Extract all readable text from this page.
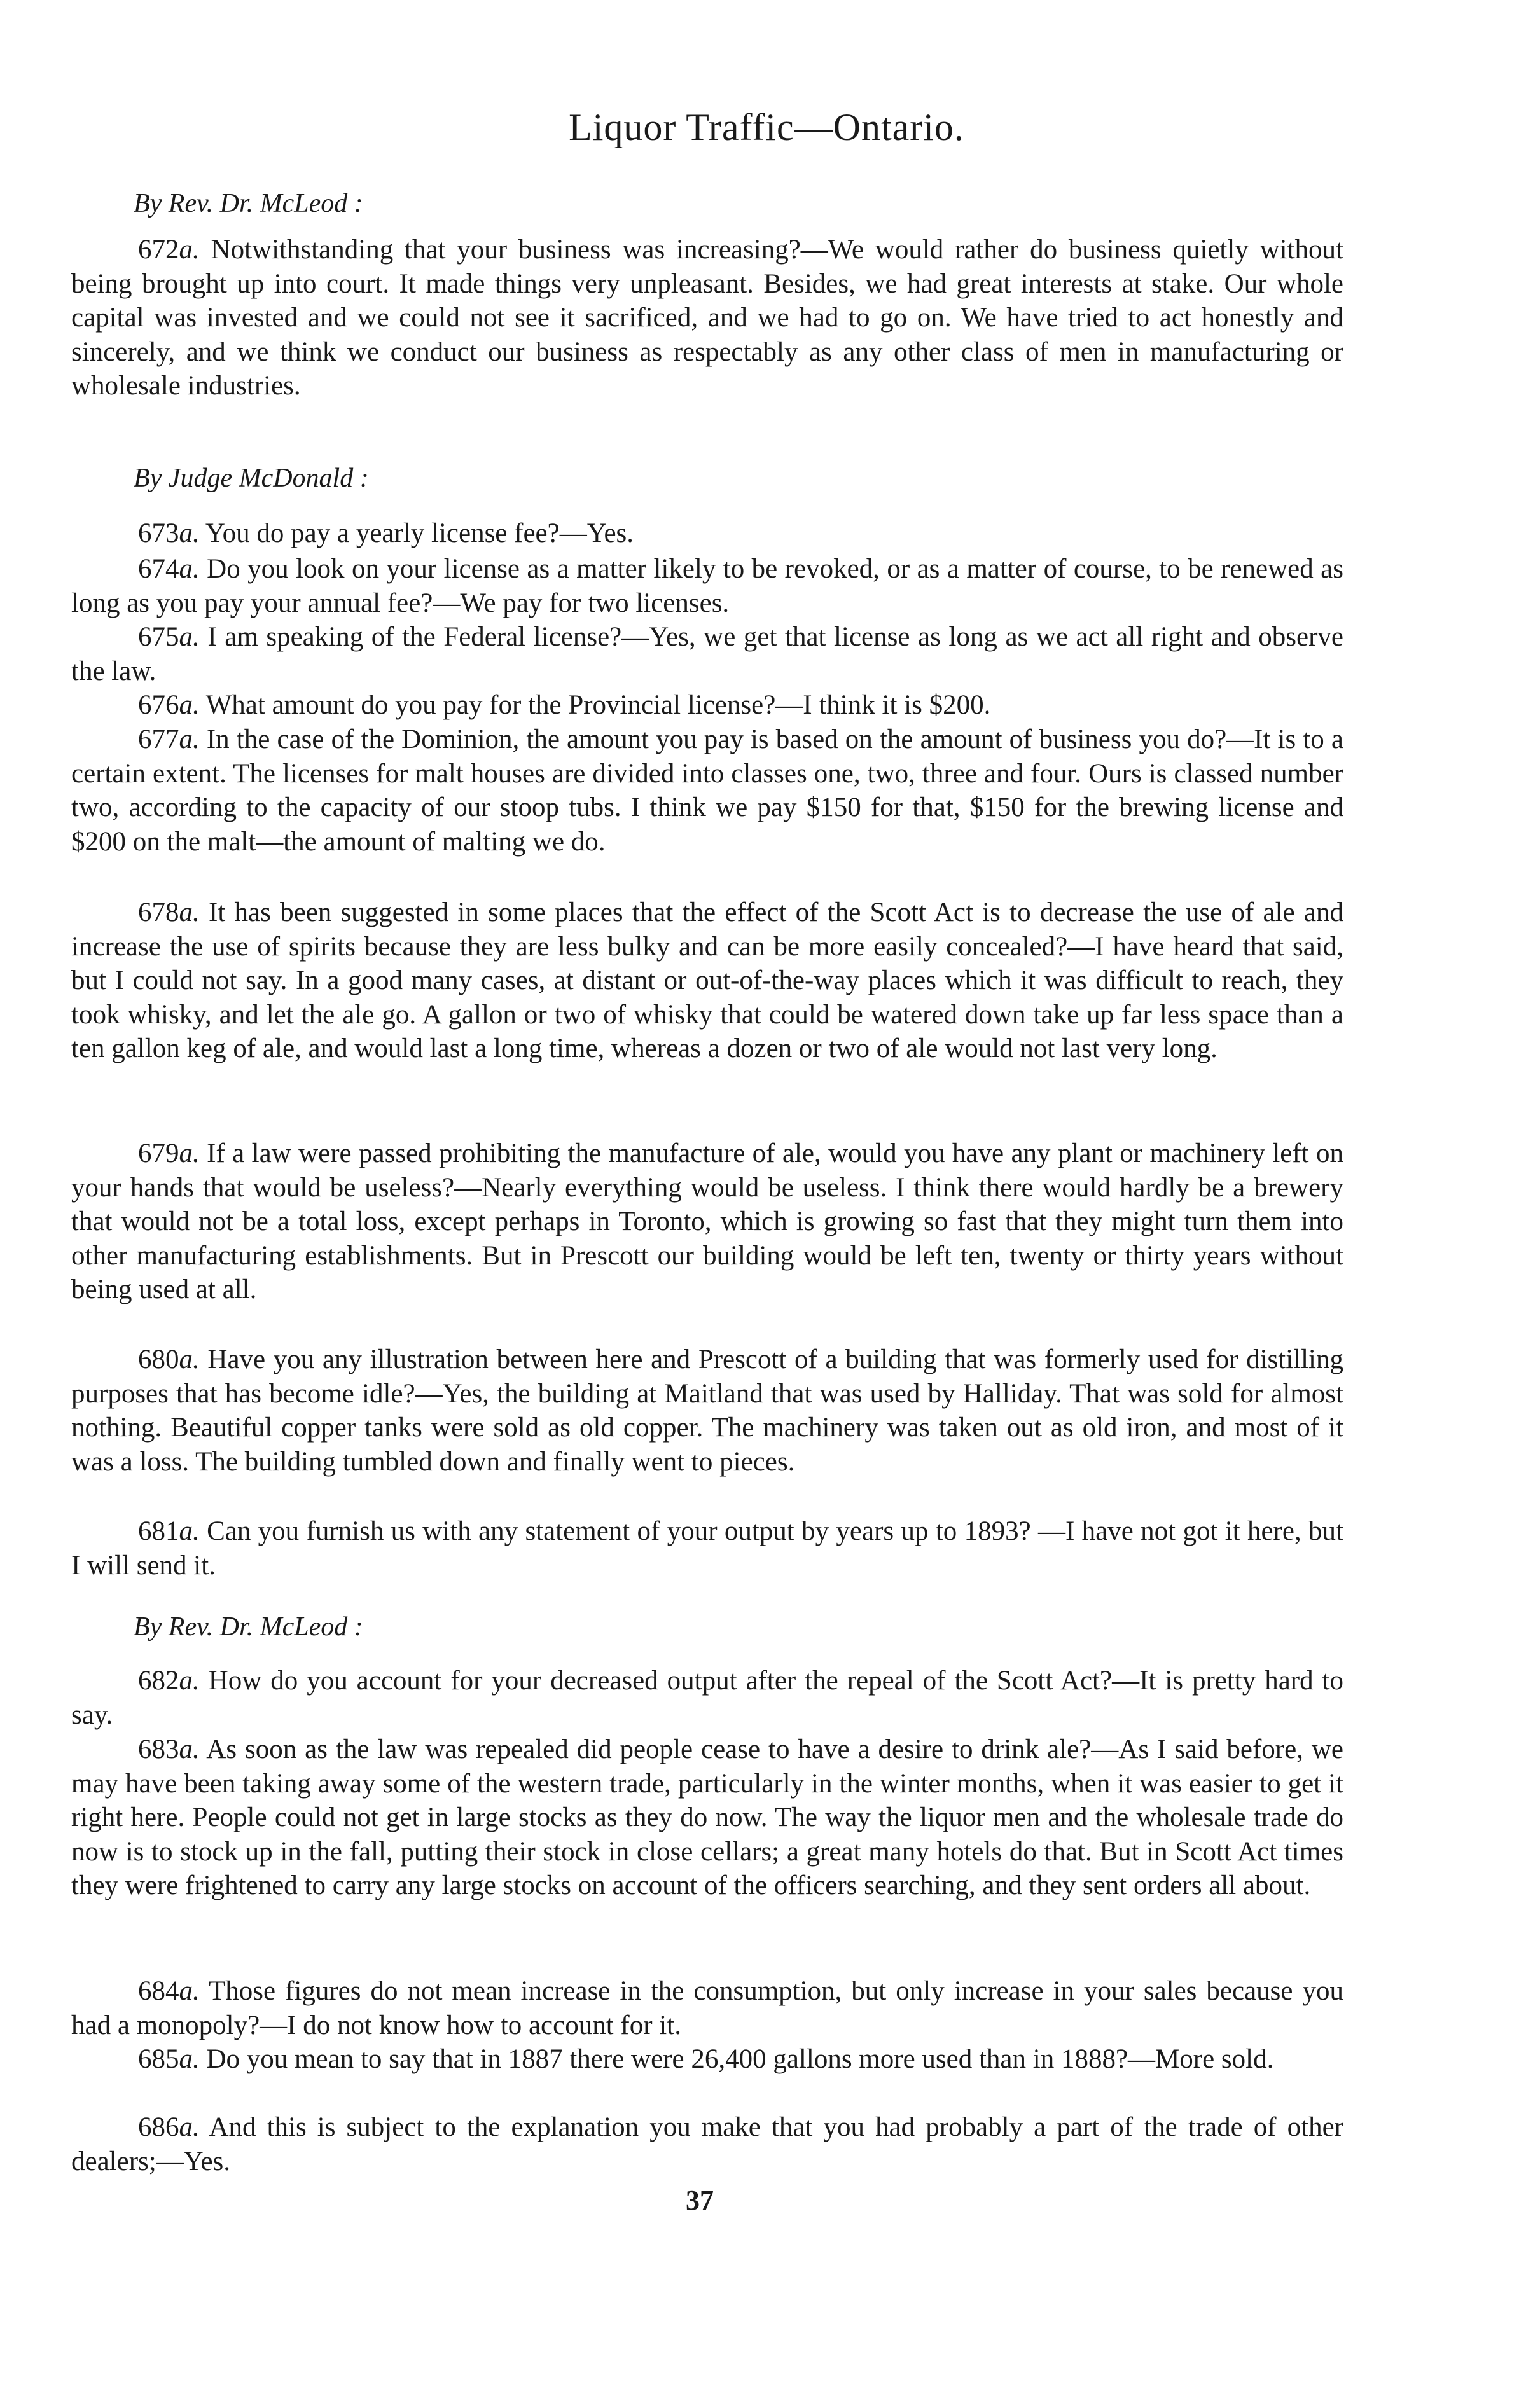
Liquor Traffic—Ontario.
By Rev. Dr. McLeod :

672a. Notwithstanding that your business was increasing?—We would rather do business quietly without being brought up into court. It made things very unpleasant. Besides, we had great interests at stake. Our whole capital was invested and we could not see it sacrificed, and we had to go on. We have tried to act honestly and sincerely, and we think we conduct our business as respectably as any other class of men in manufacturing or wholesale industries.

By Judge McDonald :

673a. You do pay a yearly license fee?—Yes.

674a. Do you look on your license as a matter likely to be revoked, or as a matter of course, to be renewed as long as you pay your annual fee?—We pay for two licenses.

675a. I am speaking of the Federal license?—Yes, we get that license as long as we act all right and observe the law.

676a. What amount do you pay for the Provincial license?—I think it is $200.

677a. In the case of the Dominion, the amount you pay is based on the amount of business you do?—It is to a certain extent. The licenses for malt houses are divided into classes one, two, three and four. Ours is classed number two, according to the capacity of our stoop tubs. I think we pay $150 for that, $150 for the brewing license and $200 on the malt—the amount of malting we do.

678a. It has been suggested in some places that the effect of the Scott Act is to decrease the use of ale and increase the use of spirits because they are less bulky and can be more easily concealed?—I have heard that said, but I could not say. In a good many cases, at distant or out-of-the-way places which it was difficult to reach, they took whisky, and let the ale go. A gallon or two of whisky that could be watered down take up far less space than a ten gallon keg of ale, and would last a long time, whereas a dozen or two of ale would not last very long.

679a. If a law were passed prohibiting the manufacture of ale, would you have any plant or machinery left on your hands that would be useless?—Nearly everything would be useless. I think there would hardly be a brewery that would not be a total loss, except perhaps in Toronto, which is growing so fast that they might turn them into other manufacturing establishments. But in Prescott our building would be left ten, twenty or thirty years without being used at all.

680a. Have you any illustration between here and Prescott of a building that was formerly used for distilling purposes that has become idle?—Yes, the building at Maitland that was used by Halliday. That was sold for almost nothing. Beautiful copper tanks were sold as old copper. The machinery was taken out as old iron, and most of it was a loss. The building tumbled down and finally went to pieces.

681a. Can you furnish us with any statement of your output by years up to 1893? —I have not got it here, but I will send it.

By Rev. Dr. McLeod :

682a. How do you account for your decreased output after the repeal of the Scott Act?—It is pretty hard to say.

683a. As soon as the law was repealed did people cease to have a desire to drink ale?—As I said before, we may have been taking away some of the western trade, particularly in the winter months, when it was easier to get it right here. People could not get in large stocks as they do now. The way the liquor men and the wholesale trade do now is to stock up in the fall, putting their stock in close cellars; a great many hotels do that. But in Scott Act times they were frightened to carry any large stocks on account of the officers searching, and they sent orders all about.

684a. Those figures do not mean increase in the consumption, but only increase in your sales because you had a monopoly?—I do not know how to account for it.

685a. Do you mean to say that in 1887 there were 26,400 gallons more used than in 1888?—More sold.

686a. And this is subject to the explanation you make that you had probably a part of the trade of other dealers;—Yes.

37
